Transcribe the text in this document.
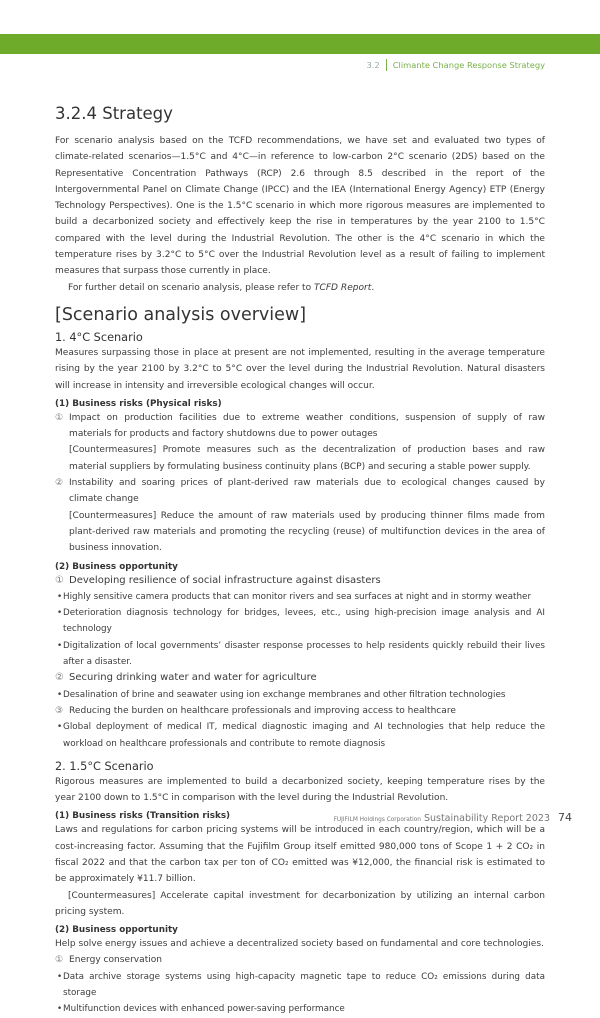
3.2 Climante Change Response Strategy
3.2.4 Strategy

For scenario analysis based on the TCFD recommendations, we have set and evaluated two types of climate-related scenarios—1.5°C and 4°C—in reference to low-carbon 2°C scenario (2DS) based on the Representative Concentration Pathways (RCP) 2.6 through 8.5 described in the report of the Intergovernmental Panel on Climate Change (IPCC) and the IEA (International Energy Agency) ETP (Energy Technology Perspectives). One is the 1.5°C scenario in which more rigorous measures are implemented to build a decarbonized society and effectively keep the rise in temperatures by the year 2100 to 1.5°C compared with the level during the Industrial Revolution. The other is the 4°C scenario in which the temperature rises by 3.2°C to 5°C over the Industrial Revolution level as a result of failing to implement measures that surpass those currently in place.

For further detail on scenario analysis, please refer to TCFD Report.

[Scenario analysis overview]
1. 4°C Scenario

Measures surpassing those in place at present are not implemented, resulting in the average temperature rising by the year 2100 by 3.2°C to 5°C over the level during the Industrial Revolution. Natural disasters will increase in intensity and irreversible ecological changes will occur.

(1) Business risks (Physical risks)
① Impact on production facilities due to extreme weather conditions, suspension of supply of raw materials for products and factory shutdowns due to power outages
[Countermeasures] Promote measures such as the decentralization of production bases and raw material suppliers by formulating business continuity plans (BCP) and securing a stable power supply.
② Instability and soaring prices of plant-derived raw materials due to ecological changes caused by climate change
[Countermeasures] Reduce the amount of raw materials used by producing thinner films made from plant-derived raw materials and promoting the recycling (reuse) of multifunction devices in the area of business innovation.
(2) Business opportunity
① Developing resilience of social infrastructure against disasters
• Highly sensitive camera products that can monitor rivers and sea surfaces at night and in stormy weather
• Deterioration diagnosis technology for bridges, levees, etc., using high-precision image analysis and AI technology
• Digitalization of local governments’ disaster response processes to help residents quickly rebuild their lives after a disaster.
② Securing drinking water and water for agriculture
• Desalination of brine and seawater using ion exchange membranes and other filtration technologies
③ Reducing the burden on healthcare professionals and improving access to healthcare
• Global deployment of medical IT, medical diagnostic imaging and AI technologies that help reduce the workload on healthcare professionals and contribute to remote diagnosis
2. 1.5°C Scenario

Rigorous measures are implemented to build a decarbonized society, keeping temperature rises by the year 2100 down to 1.5°C in comparison with the level during the Industrial Revolution.

(1) Business risks (Transition risks)

Laws and regulations for carbon pricing systems will be introduced in each country/region, which will be a cost-increasing factor. Assuming that the Fujifilm Group itself emitted 980,000 tons of Scope 1 + 2 CO₂ in fiscal 2022 and that the carbon tax per ton of CO₂ emitted was ¥12,000, the financial risk is estimated to be approximately ¥11.7 billion.

[Countermeasures] Accelerate capital investment for decarbonization by utilizing an internal carbon pricing system.

(2) Business opportunity

Help solve energy issues and achieve a decentralized society based on fundamental and core technologies.

① Energy conservation
• Data archive storage systems using high-capacity magnetic tape to reduce CO₂ emissions during data storage
• Multifunction devices with enhanced power-saving performance
FUJIFILM Holdings Corporation Sustainability Report 2023 74
